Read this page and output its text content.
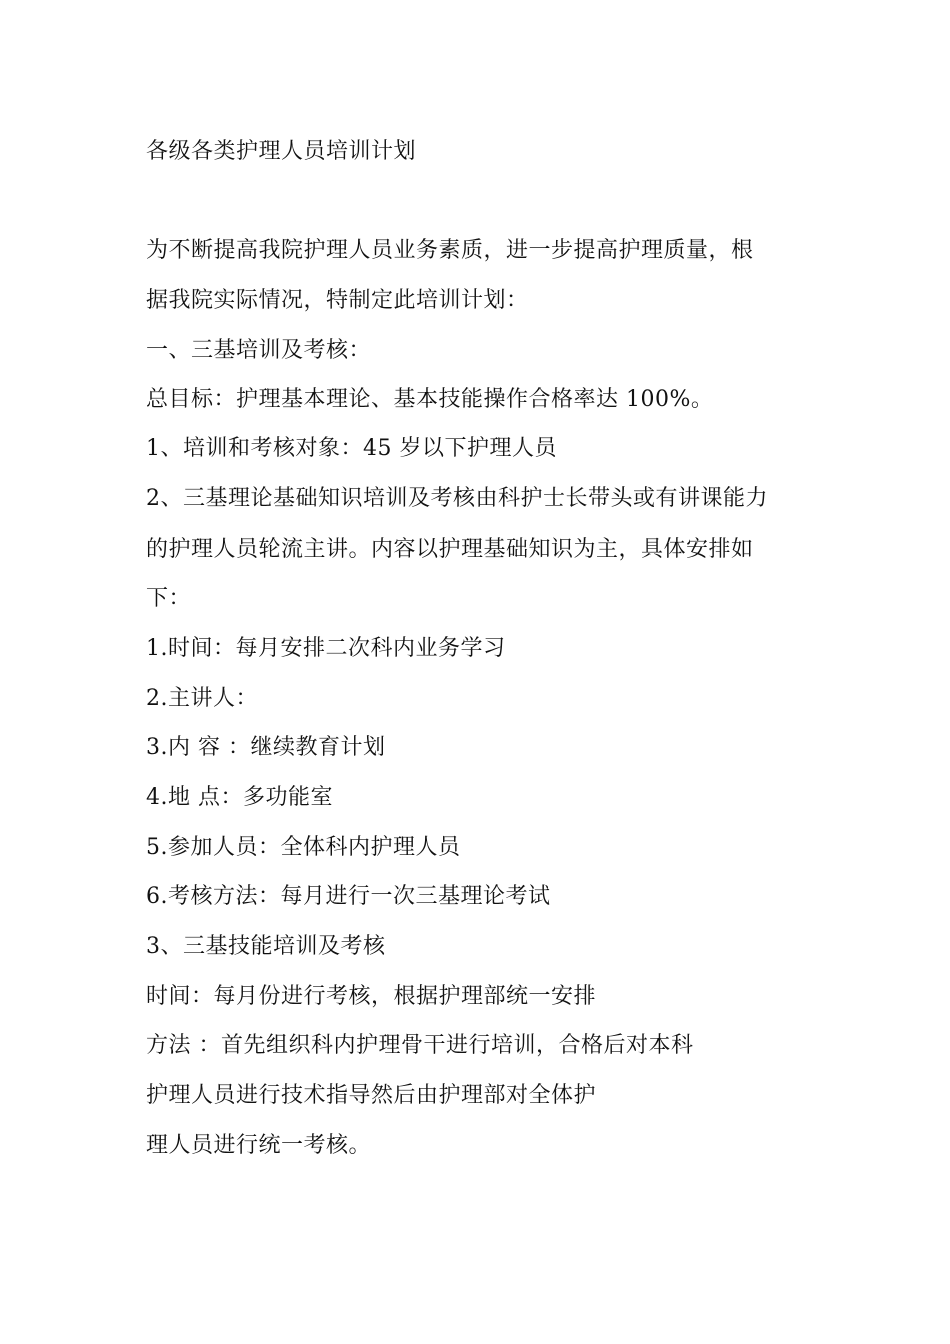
各级各类护理人员培训计划
为不断提高我院护理人员业务素质，进一步提高护理质量，根
据我院实际情况，特制定此培训计划：
一、三基培训及考核：
总目标：护理基本理论、基本技能操作合格率达 100%。
1、培训和考核对象：45 岁以下护理人员
2、三基理论基础知识培训及考核由科护士长带头或有讲课能力
的护理人员轮流主讲。内容以护理基础知识为主，具体安排如
下：
1.时间：每月安排二次科内业务学习
2.主讲人：
3.内 容 ：继续教育计划
4.地 点：多功能室
5.参加人员：全体科内护理人员
6.考核方法：每月进行一次三基理论考试
3、三基技能培训及考核
时间：每月份进行考核，根据护理部统一安排
方法 ：首先组织科内护理骨干进行培训，合格后对本科
护理人员进行技术指导然后由护理部对全体护
理人员进行统一考核。
